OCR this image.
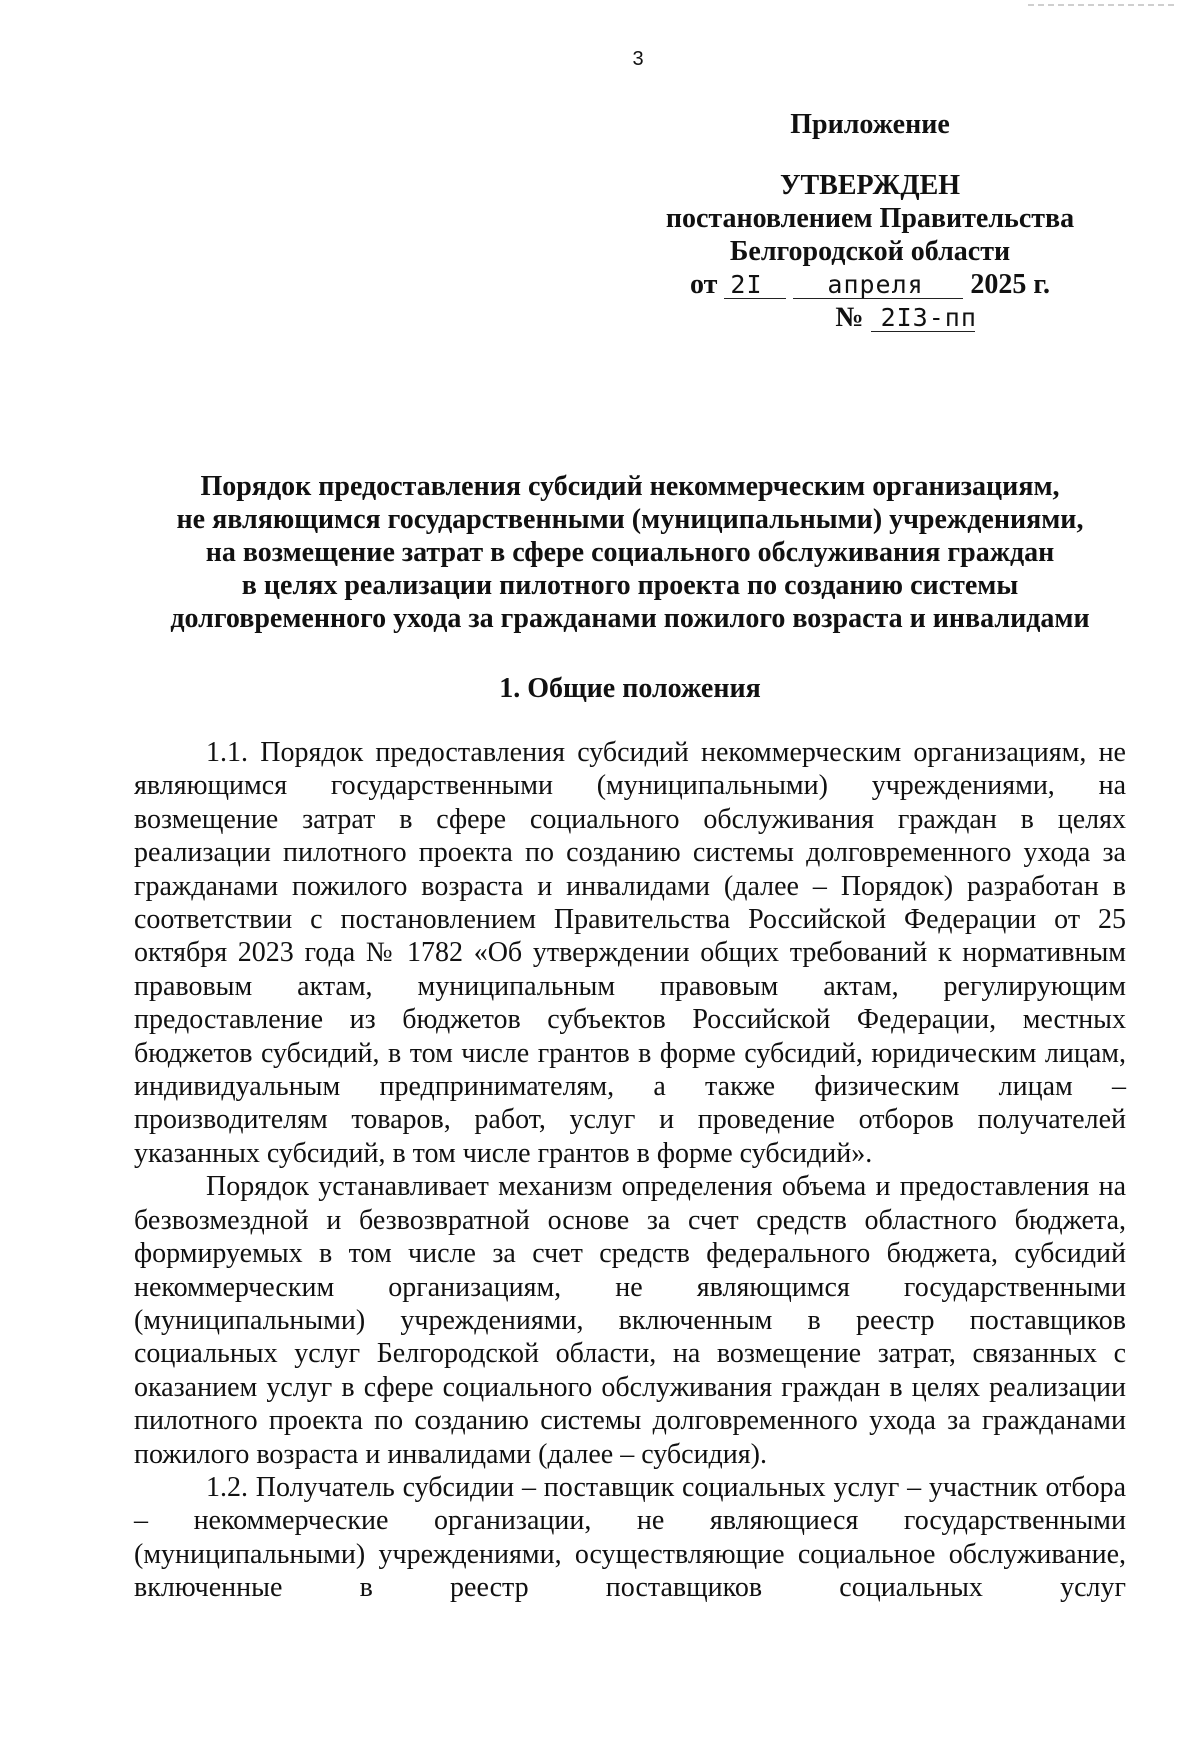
3
Приложение
УТВЕРЖДЕН
постановлением Правительства
Белгородской области
от 2I	апреля 2025 г. № 2I3-пп
Порядок предоставления субсидий некоммерческим организациям,
не являющимся государственными (муниципальными) учреждениями,
на возмещение затрат в сфере социального обслуживания граждан
в целях реализации пилотного проекта по созданию системы
долговременного ухода за гражданами пожилого возраста и инвалидами
1. Общие положения

1.1. Порядок предоставления субсидий некоммерческим организациям, не являющимся государственными (муниципальными) учреждениями, на возмещение затрат в сфере социального обслуживания граждан в целях реализации пилотного проекта по созданию системы долговременного ухода за гражданами пожилого возраста и инвалидами (далее – Порядок) разработан в соответствии с постановлением Правительства Российской Федерации от 25 октября 2023 года № 1782 «Об утверждении общих требований к нормативным правовым актам, муниципальным правовым актам, регулирующим предоставление из бюджетов субъектов Российской Федерации, местных бюджетов субсидий, в том числе грантов в форме субсидий, юридическим лицам, индивидуальным предпринимателям, а также физическим лицам – производителям товаров, работ, услуг и проведение отборов получателей указанных субсидий, в том числе грантов в форме субсидий».

Порядок устанавливает механизм определения объема и предоставления на безвозмездной и безвозвратной основе за счет средств областного бюджета, формируемых в том числе за счет средств федерального бюджета, субсидий некоммерческим организациям, не являющимся государственными (муниципальными) учреждениями, включенным в реестр поставщиков социальных услуг Белгородской области, на возмещение затрат, связанных с оказанием услуг в сфере социального обслуживания граждан в целях реализации пилотного проекта по созданию системы долговременного ухода за гражданами пожилого возраста и инвалидами (далее – субсидия).

1.2. Получатель субсидии – поставщик социальных услуг – участник отбора – некоммерческие организации, не являющиеся государственными (муниципальными) учреждениями, осуществляющие социальное обслуживание, включенные в реестр поставщиков социальных услуг
